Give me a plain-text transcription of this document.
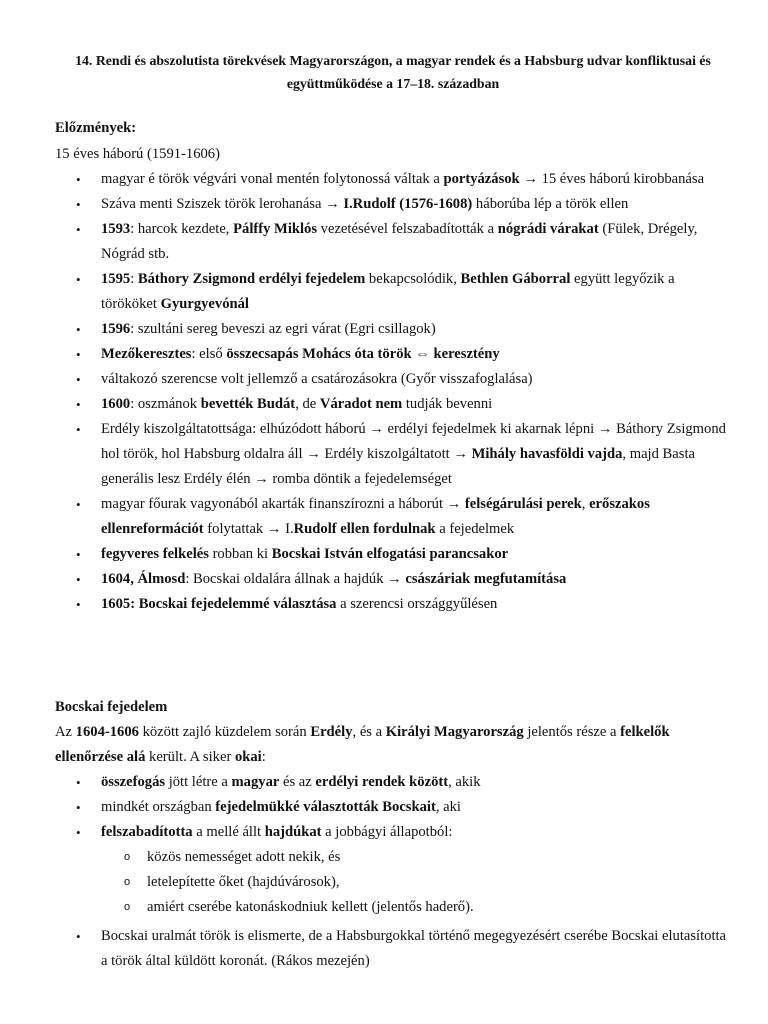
14. Rendi és abszolutista törekvések Magyarországon, a magyar rendek és a Habsburg udvar konfliktusai és együttműködése a 17–18. században
Előzmények:
15 éves háború (1591-1606)
• magyar é török végvári vonal mentén folytonossá váltak a portyázások → 15 éves háború kirobbanása
• Száva menti Sziszek török lerohanása → I.Rudolf (1576-1608) háborúba lép a török ellen
• 1593: harcok kezdete, Pálffy Miklós vezetésével felszabadították a nógrádi várakat (Fülek, Drégely, Nógrád stb.
• 1595: Báthory Zsigmond erdélyi fejedelem bekapcsolódik, Bethlen Gáborral együtt legyőzik a törököket Gyurgyevónál
• 1596: szultáni sereg beveszi az egri várat (Egri csillagok)
• Mezőkeresztes: első összecsapás Mohács óta török ⇔ keresztény
• váltakozó szerencse volt jellemző a csatározásokra (Győr visszafoglalása)
• 1600: oszmánok bevették Budát, de Váradot nem tudják bevenni
• Erdély kiszolgáltatottsága: elhúzódott háború → erdélyi fejedelmek ki akarnak lépni → Báthory Zsigmond hol török, hol Habsburg oldalra áll → Erdély kiszolgáltatott → Mihály havasföldi vajda, majd Basta generális lesz Erdély élén → romba döntik a fejedelemséget
• magyar főurak vagyonából akarták finanszírozni a háborút → felségárulási perek, erőszakos ellenreformációt folytattak → I.Rudolf ellen fordulnak a fejedelmek
• fegyveres felkelés robban ki Bocskai István elfogatási parancsakor
• 1604, Álmosd: Bocskai oldalára állnak a hajdúk → császáriak megfutamítása
• 1605: Bocskai fejedelemmé választása a szerencsi országgyűlésen
Bocskai fejedelem
Az 1604-1606 között zajló küzdelem során Erdély, és a Királyi Magyarország jelentős része a felkelők ellenőrzése alá került. A siker okai:
• összefogás jött létre a magyar és az erdélyi rendek között, akik
• mindkét országban fejedelmükké választották Bocskait, aki
• felszabadította a mellé állt hajdúkat a jobbágyi állapotból:
o közös nemességet adott nekik, és
o letelepítette őket (hajdúvárosok),
o amiért cserébe katonáskodniuk kellett (jelentős haderő).
• Bocskai uralmát török is elismerte, de a Habsburgokkal történő megegyezésért cserébe Bocskai elutasította a török által küldött koronát. (Rákos mezején)
